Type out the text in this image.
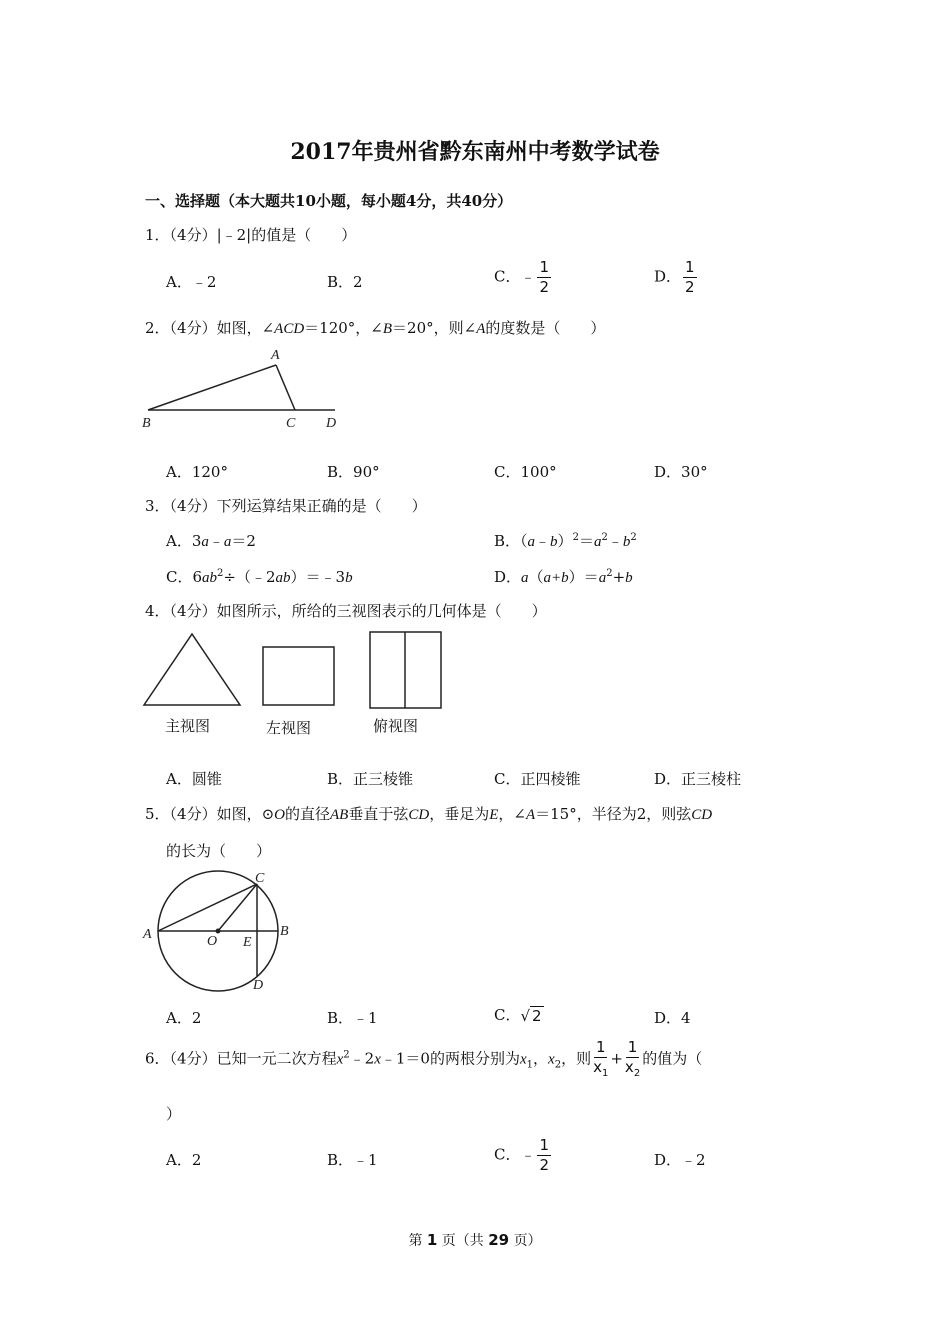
2017年贵州省黔东南州中考数学试卷
一、选择题（本大题共10小题，每小题4分，共40分）
1．（4分）|﹣2|的值是（　　）
A．﹣2	B．2	C．﹣ $\frac{1}{2}$	D． $\frac{1}{2}$
2．（4分）如图，∠ACD＝120°，∠B＝20°，则∠A的度数是（　　）
A
B	C D
A．120°	B．90°	C．100°	D．30°
3．（4分）下列运算结果正确的是（　　）
A．3a﹣a＝2	B．$(a﹣b)^2=a^2﹣b^2$
C．$6ab^2\div(﹣2ab)=﹣3b$	D．$a(a+b)=a^2+b$
4．（4分）如图所示，所给的三视图表示的几何体是（　　）
主视图	左视图	俯视图
A．圆锥	B．正三棱锥	C．正四棱锥	D．正三棱柱
5．（4分）如图，⊙O的直径AB垂直于弦CD，垂足为E，∠A＝15°，半径为2，则弦CD
的长为（　　）
A	B
C
D
O E
A．2	B．﹣1	C．√ 2	D．4
6．（4分）已知一元二次方程$x^2﹣2x﹣1=0$的两根分别为$x_1$，$x_2$，则 $\frac{1}{x_1} + \frac{1}{x_2}$ 的值为（
）
A．2	B．﹣1	C．﹣ $\frac{1}{2}$	D．﹣2
第 1 页（共 29 页）
